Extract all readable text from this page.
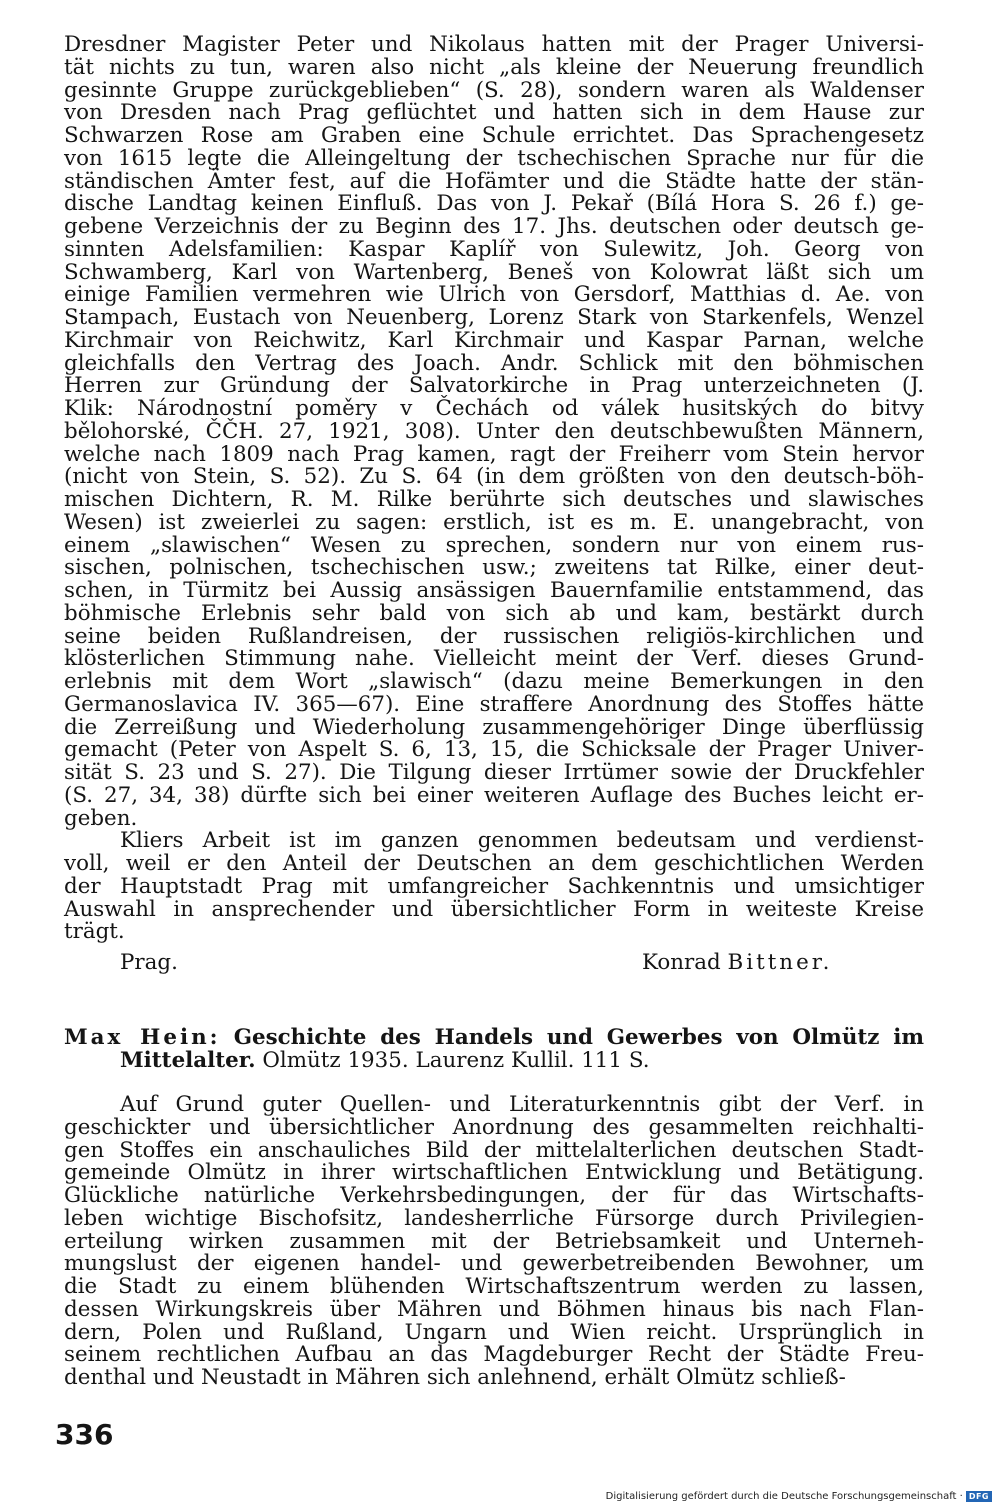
Dresdner Magister Peter und Nikolaus hatten mit der Prager Universi-
tät nichts zu tun, waren also nicht „als kleine der Neuerung freundlich
gesinnte Gruppe zurückgeblieben“ (S. 28), sondern waren als Waldenser
von Dresden nach Prag geflüchtet und hatten sich in dem Hause zur
Schwarzen Rose am Graben eine Schule errichtet. Das Sprachengesetz
von 1615 legte die Alleingeltung der tschechischen Sprache nur für die
ständischen Ämter fest, auf die Hofämter und die Städte hatte der stän-
dische Landtag keinen Einfluß. Das von J. Pekař (Bílá Hora S. 26 f.) ge-
gebene Verzeichnis der zu Beginn des 17. Jhs. deutschen oder deutsch ge-
sinnten Adelsfamilien: Kaspar Kaplíř von Sulewitz, Joh. Georg von
Schwamberg, Karl von Wartenberg, Beneš von Kolowrat läßt sich um
einige Familien vermehren wie Ulrich von Gersdorf, Matthias d. Ae. von
Stampach, Eustach von Neuenberg, Lorenz Stark von Starkenfels, Wenzel
Kirchmair von Reichwitz, Karl Kirchmair und Kaspar Parnan, welche
gleichfalls den Vertrag des Joach. Andr. Schlick mit den böhmischen
Herren zur Gründung der Salvatorkirche in Prag unterzeichneten (J.
Klik: Národnostní poměry v Čechách od válek husitských do bitvy
bělohorské, ČČH. 27, 1921, 308). Unter den deutschbewußten Männern,
welche nach 1809 nach Prag kamen, ragt der Freiherr vom Stein hervor
(nicht von Stein, S. 52). Zu S. 64 (in dem größten von den deutsch-böh-
mischen Dichtern, R. M. Rilke berührte sich deutsches und slawisches
Wesen) ist zweierlei zu sagen: erstlich, ist es m. E. unangebracht, von
einem „slawischen“ Wesen zu sprechen, sondern nur von einem rus-
sischen, polnischen, tschechischen usw.; zweitens tat Rilke, einer deut-
schen, in Türmitz bei Aussig ansässigen Bauernfamilie entstammend, das
böhmische Erlebnis sehr bald von sich ab und kam, bestärkt durch
seine beiden Rußlandreisen, der russischen religiös-kirchlichen und
klösterlichen Stimmung nahe. Vielleicht meint der Verf. dieses Grund-
erlebnis mit dem Wort „slawisch“ (dazu meine Bemerkungen in den
Germanoslavica IV. 365—67). Eine straffere Anordnung des Stoffes hätte
die Zerreißung und Wiederholung zusammengehöriger Dinge überflüssig
gemacht (Peter von Aspelt S. 6, 13, 15, die Schicksale der Prager Univer-
sität S. 23 und S. 27). Die Tilgung dieser Irrtümer sowie der Druckfehler
(S. 27, 34, 38) dürfte sich bei einer weiteren Auflage des Buches leicht er-
geben.
Kliers Arbeit ist im ganzen genommen bedeutsam und verdienst-
voll, weil er den Anteil der Deutschen an dem geschichtlichen Werden
der Hauptstadt Prag mit umfangreicher Sachkenntnis und umsichtiger
Auswahl in ansprechender und übersichtlicher Form in weiteste Kreise
trägt.
Prag.	Konrad Bittner.
Max Hein: Geschichte des Handels und Gewerbes von Olmütz im
Mittelalter. Olmütz 1935. Laurenz Kullil. 111 S.
Auf Grund guter Quellen- und Literaturkenntnis gibt der Verf. in
geschickter und übersichtlicher Anordnung des gesammelten reichhalti-
gen Stoffes ein anschauliches Bild der mittelalterlichen deutschen Stadt-
gemeinde Olmütz in ihrer wirtschaftlichen Entwicklung und Betätigung.
Glückliche natürliche Verkehrsbedingungen, der für das Wirtschafts-
leben wichtige Bischofsitz, landesherrliche Fürsorge durch Privilegien-
erteilung wirken zusammen mit der Betriebsamkeit und Unterneh-
mungslust der eigenen handel- und gewerbetreibenden Bewohner, um
die Stadt zu einem blühenden Wirtschaftszentrum werden zu lassen,
dessen Wirkungskreis über Mähren und Böhmen hinaus bis nach Flan-
dern, Polen und Rußland, Ungarn und Wien reicht. Ursprünglich in
seinem rechtlichen Aufbau an das Magdeburger Recht der Städte Freu-
denthal und Neustadt in Mähren sich anlehnend, erhält Olmütz schließ-
336
Digitalisierung gefördert durch die Deutsche Forschungsgemeinschaft · DFG
